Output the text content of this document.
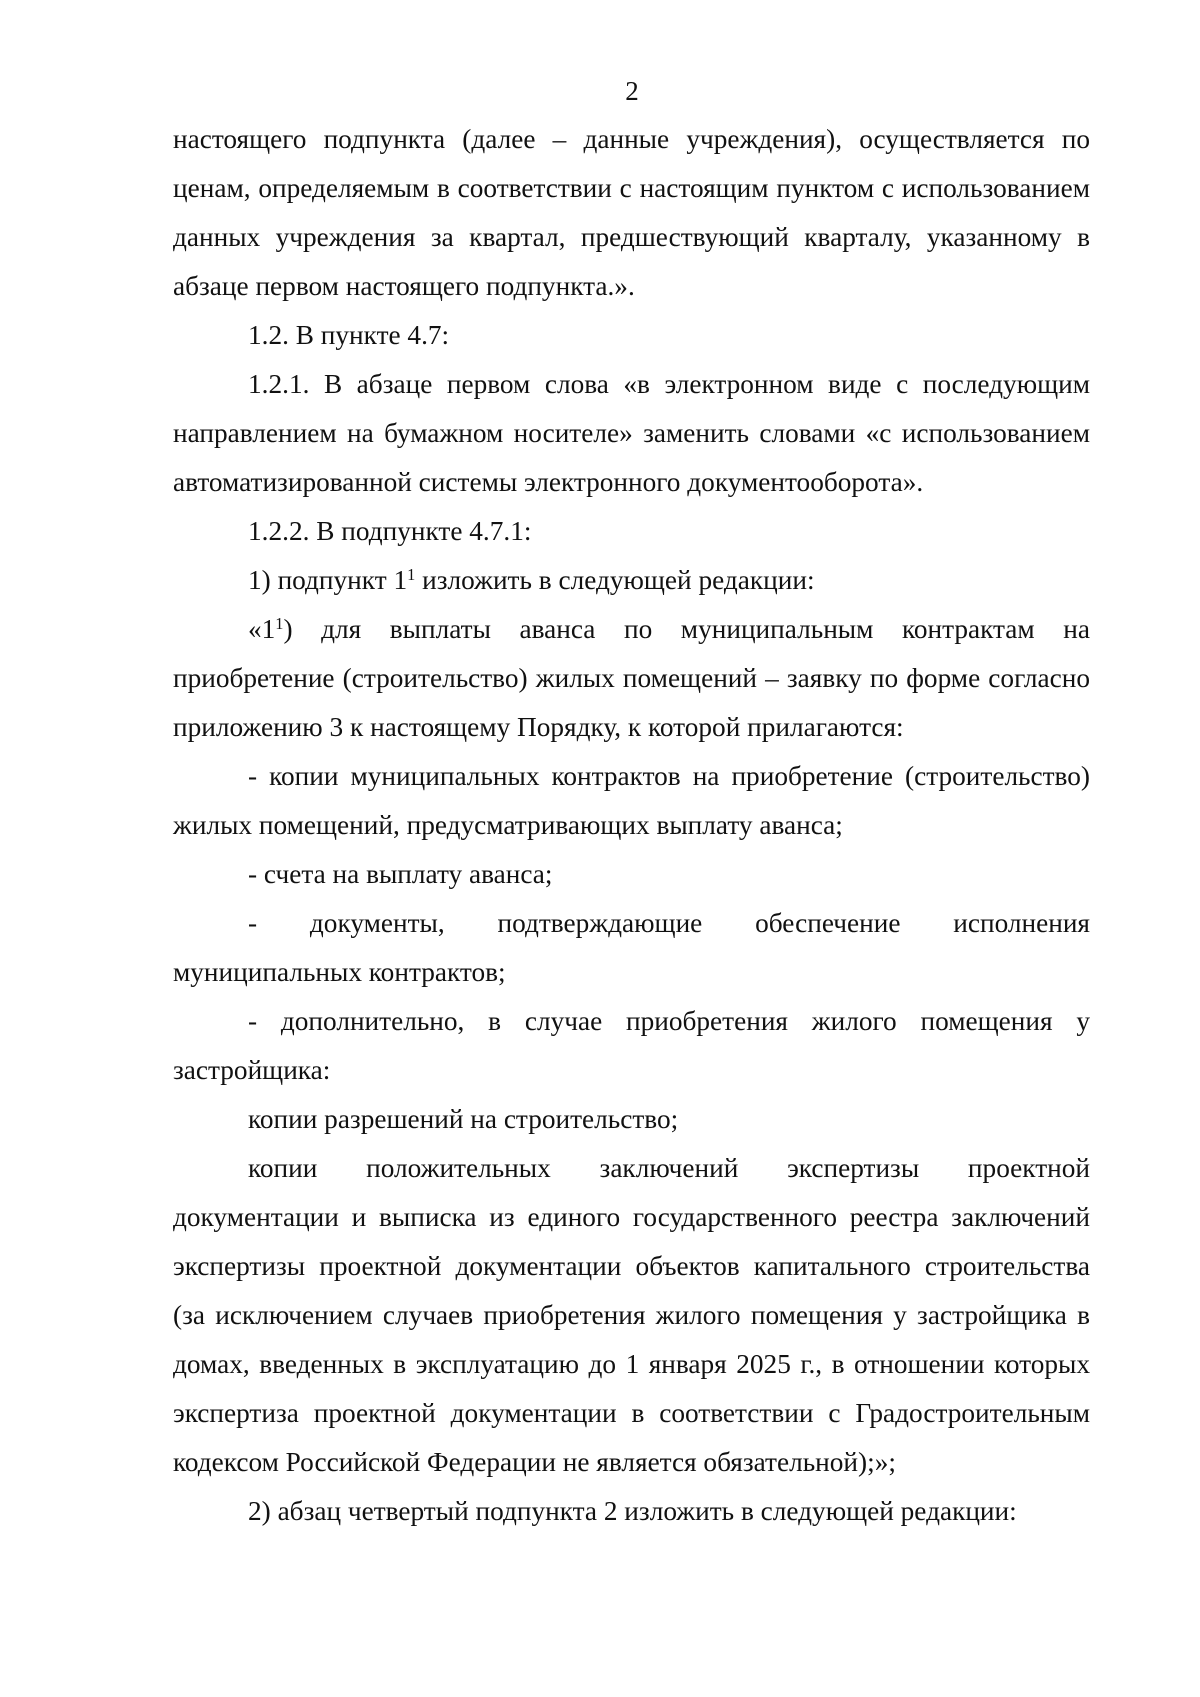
2

настоящего подпункта (далее – данные учреждения), осуществляется по ценам, определяемым в соответствии с настоящим пунктом с использованием данных учреждения за квартал, предшествующий кварталу, указанному в абзаце первом настоящего подпункта.».

1.2. В пункте 4.7:

1.2.1. В абзаце первом слова «в электронном виде с последующим направлением на бумажном носителе» заменить словами «с использованием автоматизированной системы электронного документооборота».

1.2.2. В подпункте 4.7.1:

1) подпункт $1^1$ изложить в следующей редакции:

«$1^1$) для выплаты аванса по муниципальным контрактам на приобретение (строительство) жилых помещений – заявку по форме согласно приложению 3 к настоящему Порядку, к которой прилагаются:

- копии муниципальных контрактов на приобретение (строительство) жилых помещений, предусматривающих выплату аванса;

- счета на выплату аванса;

- документы, подтверждающие обеспечение исполнения муниципальных контрактов;

- дополнительно, в случае приобретения жилого помещения у застройщика:

копии разрешений на строительство;

копии положительных заключений экспертизы проектной документации и выписка из единого государственного реестра заключений экспертизы проектной документации объектов капитального строительства (за исключением случаев приобретения жилого помещения у застройщика в домах, введенных в эксплуатацию до 1 января 2025 г., в отношении которых экспертиза проектной документации в соответствии с Градостроительным кодексом Российской Федерации не является обязательной);»;

2) абзац четвертый подпункта 2 изложить в следующей редакции:
